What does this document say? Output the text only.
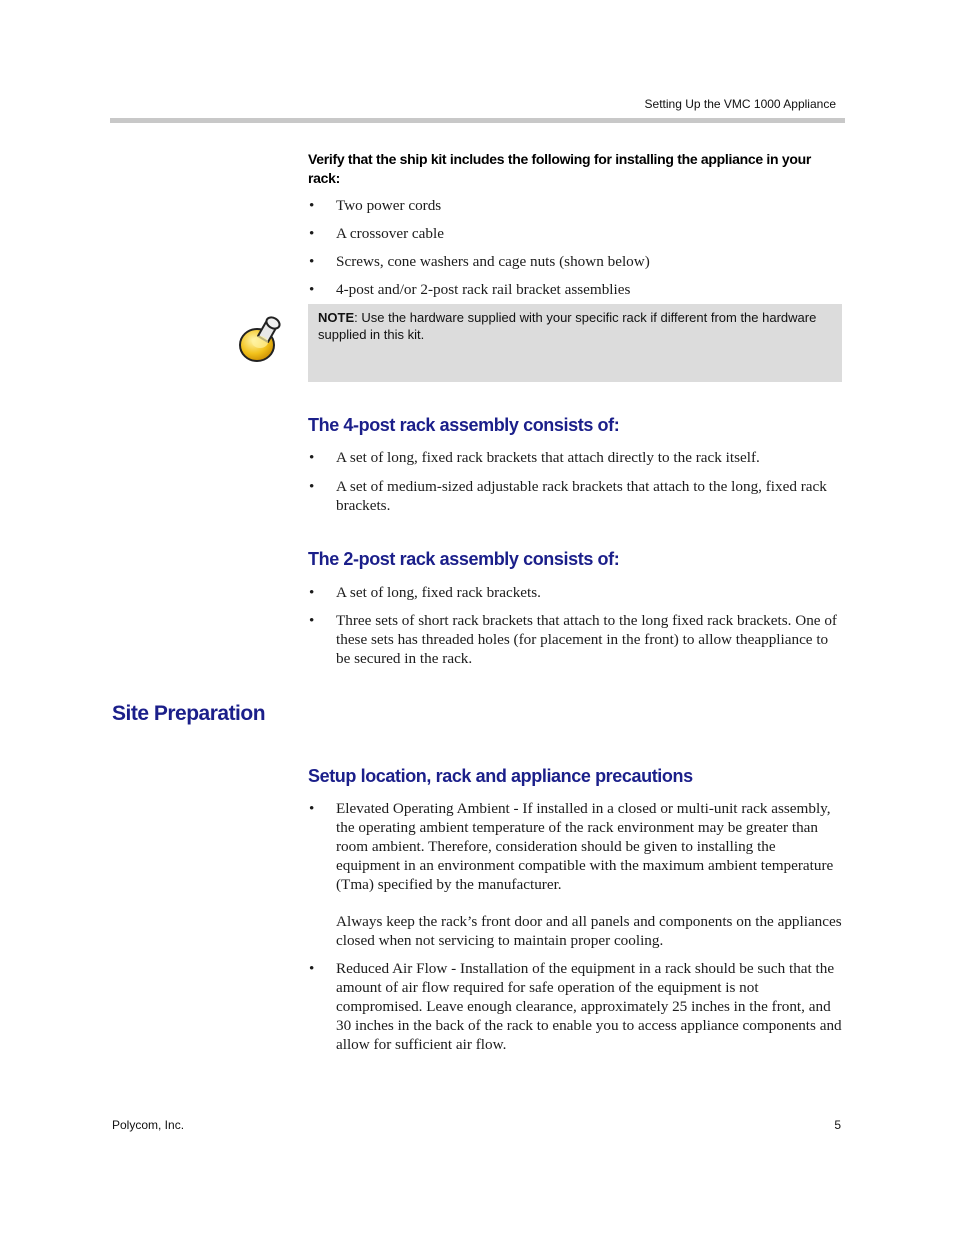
Setting Up the VMC 1000 Appliance
Verify that the ship kit includes the following for installing the appliance in your rack:
• Two power cords
• A crossover cable
• Screws, cone washers and cage nuts (shown below)
• 4-post and/or 2-post rack rail bracket assemblies
NOTE: Use the hardware supplied with your specific rack if different from the hardware supplied in this kit.
The 4-post rack assembly consists of:
• A set of long, fixed rack brackets that attach directly to the rack itself.
• A set of medium-sized adjustable rack brackets that attach to the long, fixed rack brackets.
The 2-post rack assembly consists of:
• A set of long, fixed rack brackets.
• Three sets of short rack brackets that attach to the long fixed rack brackets. One of these sets has threaded holes (for placement in the front) to allow theappliance to be secured in the rack.
Site Preparation
Setup location, rack and appliance precautions
• Elevated Operating Ambient - If installed in a closed or multi-unit rack assembly, the operating ambient temperature of the rack environment may be greater than room ambient. Therefore, consideration should be given to installing the equipment in an environment compatible with the maximum ambient temperature (Tma) specified by the manufacturer.
Always keep the rack’s front door and all panels and components on the appliances closed when not servicing to maintain proper cooling.
• Reduced Air Flow - Installation of the equipment in a rack should be such that the amount of air flow required for safe operation of the equipment is not compromised. Leave enough clearance, approximately 25 inches in the front, and 30 inches in the back of the rack to enable you to access appliance components and allow for sufficient air flow.
Polycom, Inc.	5
